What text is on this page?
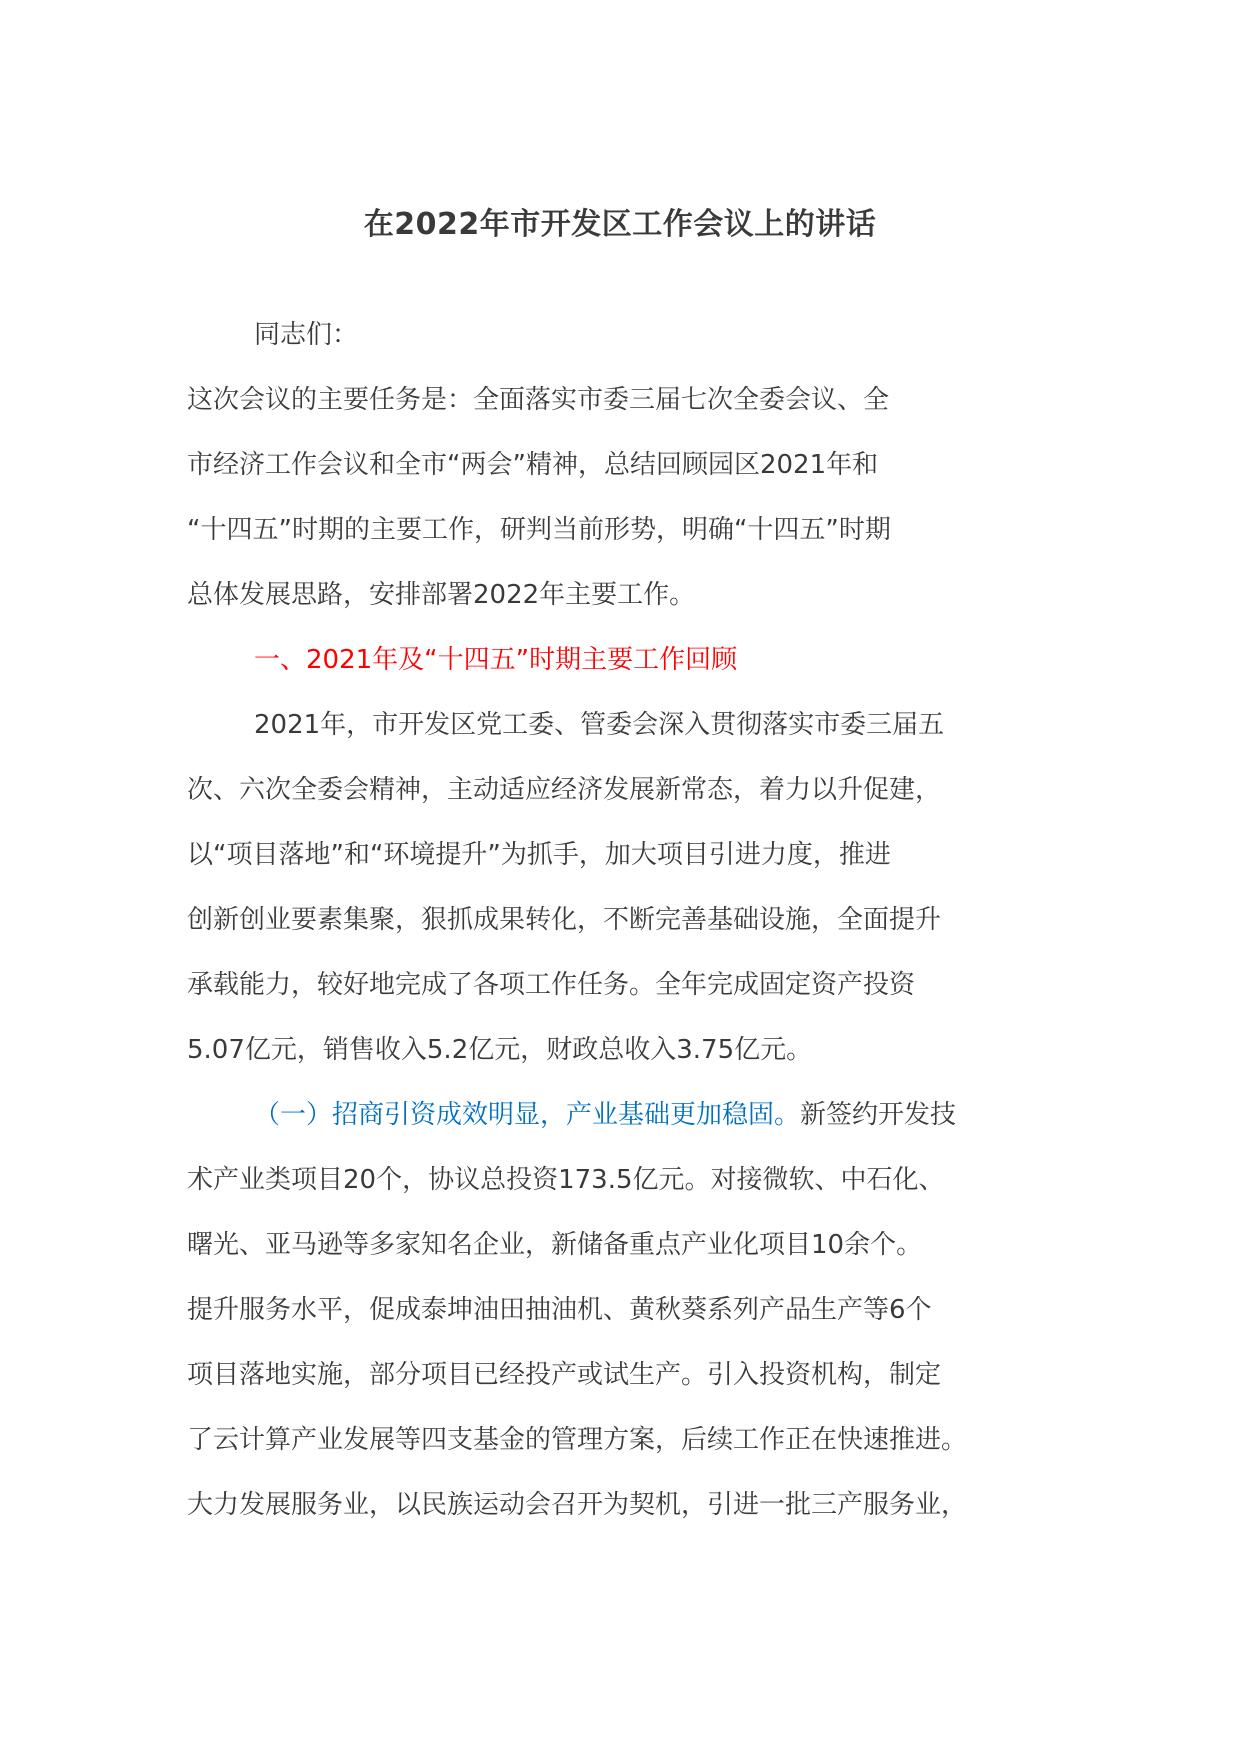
在2022年市开发区工作会议上的讲话

同志们：

这次会议的主要任务是：全面落实市委三届七次全委会议、全
市经济工作会议和全市“两会”精神，总结回顾园区2021年和
“十四五”时期的主要工作，研判当前形势，明确“十四五”时期
总体发展思路，安排部署2022年主要工作。

一、2021年及“十四五”时期主要工作回顾

2021年，市开发区党工委、管委会深入贯彻落实市委三届五
次、六次全委会精神，主动适应经济发展新常态，着力以升促建，
以“项目落地”和“环境提升”为抓手，加大项目引进力度，推进
创新创业要素集聚，狠抓成果转化，不断完善基础设施，全面提升
承载能力，较好地完成了各项工作任务。全年完成固定资产投资
5.07亿元，销售收入5.2亿元，财政总收入3.75亿元。

（一）招商引资成效明显，产业基础更加稳固。新签约开发技
术产业类项目20个，协议总投资173.5亿元。对接微软、中石化、
曙光、亚马逊等多家知名企业，新储备重点产业化项目10余个。
提升服务水平，促成泰坤油田抽油机、黄秋葵系列产品生产等6个
项目落地实施，部分项目已经投产或试生产。引入投资机构，制定
了云计算产业发展等四支基金的管理方案，后续工作正在快速推进。
大力发展服务业，以民族运动会召开为契机，引进一批三产服务业，
